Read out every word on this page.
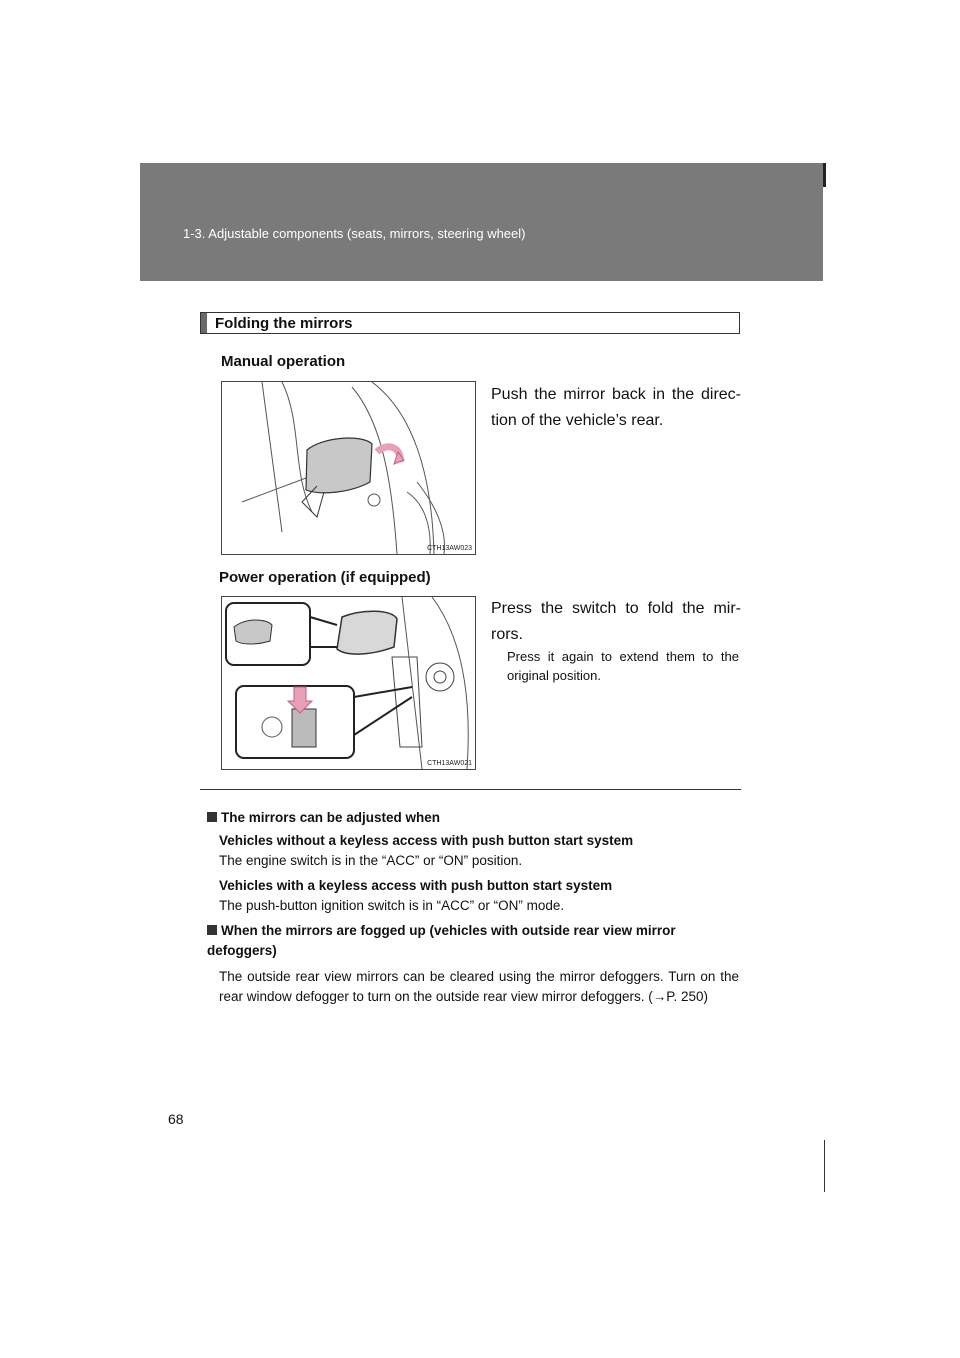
1-3. Adjustable components (seats, mirrors, steering wheel)
Folding the mirrors
Manual operation
CTH13AW023
Push the mirror back in the direc-tion of the vehicle’s rear.
Power operation (if equipped)
CTH13AW021
Press the switch to fold the mir-rors.
Press it again to extend them to the original position.
The mirrors can be adjusted when
Vehicles without a keyless access with push button start system
The engine switch is in the “ACC” or “ON” position.
Vehicles with a keyless access with push button start system
The push-button ignition switch is in “ACC” or “ON” mode.
When the mirrors are fogged up (vehicles with outside rear view mirror defoggers)
The outside rear view mirrors can be cleared using the mirror defoggers. Turn on the rear window defogger to turn on the outside rear view mirror defoggers. (→P. 250)
68
